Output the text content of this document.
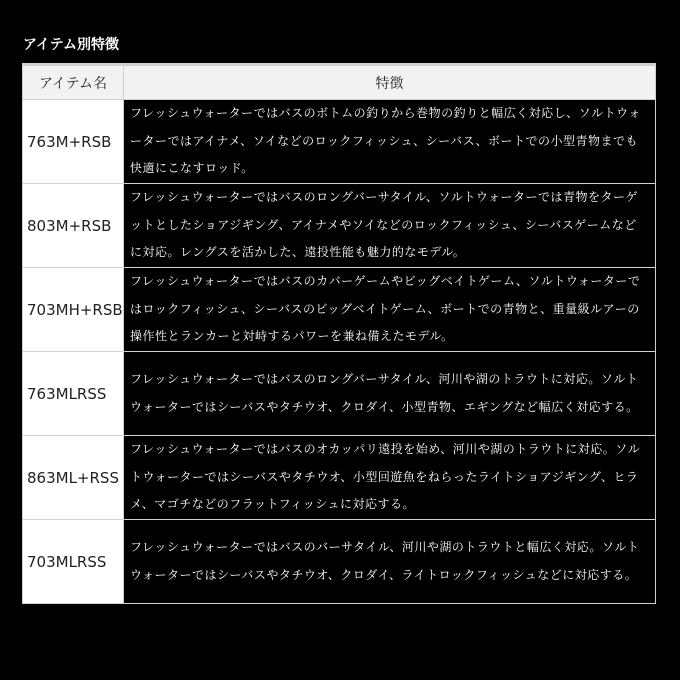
アイテム別特徴
アイテム名	特徴
763M+RSB	フレッシュウォーターではバスのボトムの釣りから巻物の釣りと幅広く対応し、ソルトウォーターではアイナメ、ソイなどのロックフィッシュ、シーバス、ボートでの小型青物までも快適にこなすロッド。
803M+RSB	フレッシュウォーターではバスのロングバーサタイル、ソルトウォーターでは青物をターゲットとしたショアジギング、アイナメやソイなどのロックフィッシュ、シーバスゲームなどに対応。レングスを活かした、遠投性能も魅力的なモデル。
703MH+RSB	フレッシュウォーターではバスのカバーゲームやビッグベイトゲーム、ソルトウォーターではロックフィッシュ、シーバスのビッグベイトゲーム、ボートでの青物と、重量級ルアーの操作性とランカーと対峙するパワーを兼ね備えたモデル。
763MLRSS	フレッシュウォーターではバスのロングバーサタイル、河川や湖のトラウトに対応。ソルトウォーターではシーバスやタチウオ、クロダイ、小型青物、エギングなど幅広く対応する。
863ML+RSS	フレッシュウォーターではバスのオカッパリ遠投を始め、河川や湖のトラウトに対応。ソルトウォーターではシーバスやタチウオ、小型回遊魚をねらったライトショアジギング、ヒラメ、マゴチなどのフラットフィッシュに対応する。
703MLRSS	フレッシュウォーターではバスのバーサタイル、河川や湖のトラウトと幅広く対応。ソルトウォーターではシーバスやタチウオ、クロダイ、ライトロックフィッシュなどに対応する。
